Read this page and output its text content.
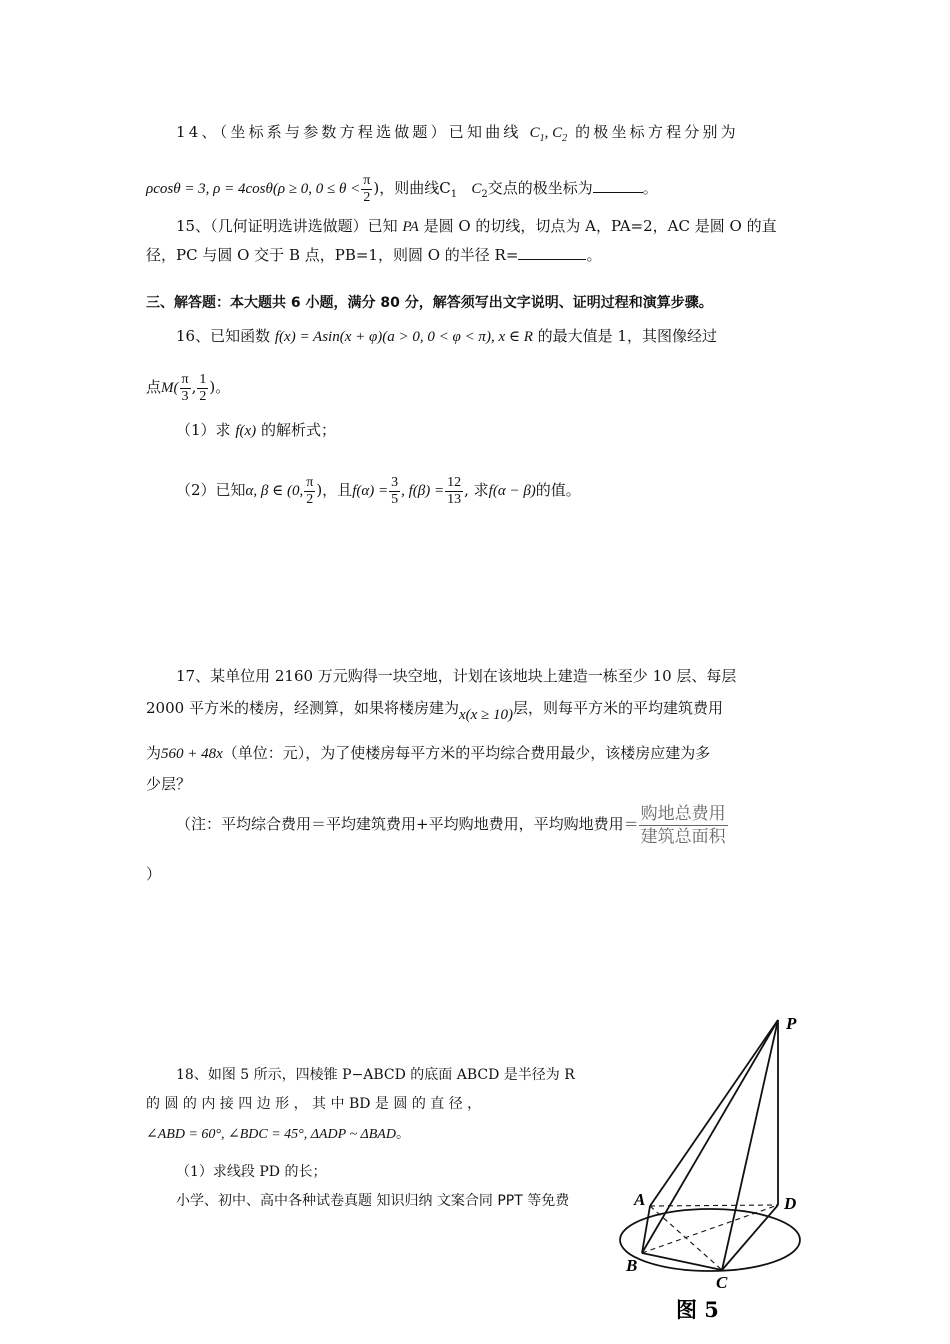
14、（坐标系与参数方程选做题）已知曲线 $C_1$, $C_2$ 的极坐标方程分别为
ρcosθ = 3, ρ = 4cosθ(ρ ≥ 0, $0 \le \theta < \frac{\pi}{2}$ )，则曲线$C_1$ $C_2$交点的极坐标为	。
15、（几何证明选讲选做题）已知 PA 是圆 O 的切线，切点为 A，PA=2，AC 是圆 O 的直
径，PC 与圆 O 交于 B 点，PB=1，则圆 O 的半径 R=	。
三、解答题：本大题共 6 小题，满分 80 分，解答须写出文字说明、证明过程和演算步骤。
16、已知函数 f(x) = Asin(x + φ)(a > 0, 0 < φ < π), x ∈ R 的最大值是 1，其图像经过
点$M( \frac{\pi}{3}$ , $\frac{1}{2}$ )。
（1）求 f(x) 的解析式；
（2）已知α, β ∈ (0, $\frac{\pi}{2}$ )，且$f(\alpha) = \frac{3}{5}$ , $f(\beta) = \frac{12}{13}$ , 求f(α − β)的值。
17、某单位用 2160 万元购得一块空地，计划在该地块上建造一栋至少 10 层、每层
2000 平方米的楼房，经测算，如果将楼房建为x(x ≥ 10)层，则每平方米的平均建筑费用
为560 + 48x（单位：元），为了使楼房每平方米的平均综合费用最少，该楼房应建为多
少层？
（注：平均综合费用＝平均建筑费用+平均购地费用，平均购地费用＝ $\frac{\text{购地总费用}}{\text{建筑总面积}}$
）
18、如图 5 所示，四棱锥 P−ABCD 的底面 ABCD 是半径为 R
的 圆 的 内 接 四 边 形 ， 其 中 BD 是 圆 的 直 径 ，
∠ABD = 60°, ∠BDC = 45°, ΔADP ~ ΔBAD。
（1）求线段 PD 的长；
小学、初中、高中各种试卷真题 知识归纳 文案合同 PPT 等免费
P
A	D
B
C
图 5
